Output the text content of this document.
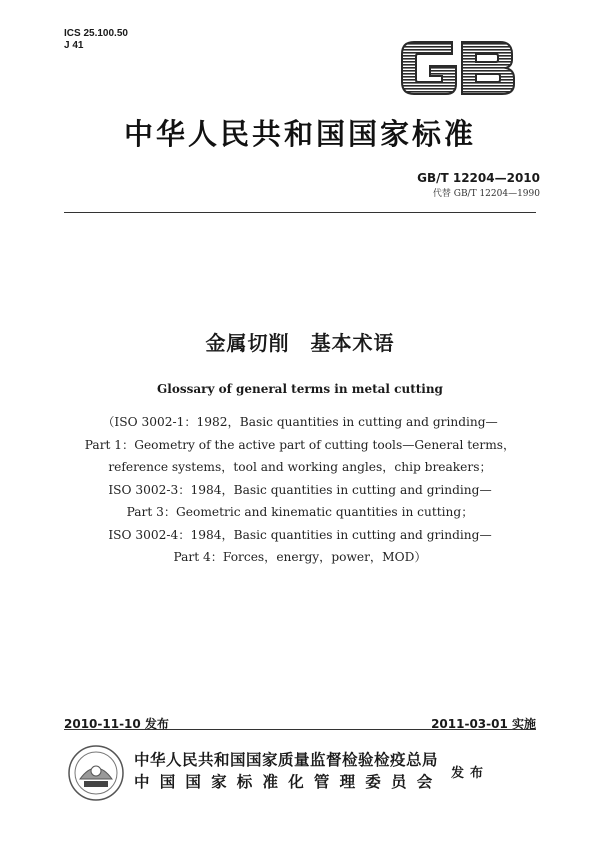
ICS 25.100.50
J 41
中华人民共和国国家标准
GB/T 12204—2010
代替 GB/T 12204—1990
金属切削　基本术语
Glossary of general terms in metal cutting
（ISO 3002-1：1982，Basic quantities in cutting and grinding—
Part 1：Geometry of the active part of cutting tools—General terms，
reference systems，tool and working angles，chip breakers；
ISO 3002-3：1984，Basic quantities in cutting and grinding—
Part 3：Geometric and kinematic quantities in cutting；
ISO 3002-4：1984，Basic quantities in cutting and grinding—
Part 4：Forces，energy，power，MOD）
2010-11-10 发布	2011-03-01 实施
中华人民共和国国家质量监督检验检疫总局
中国国家标准化管理委员会 发布
